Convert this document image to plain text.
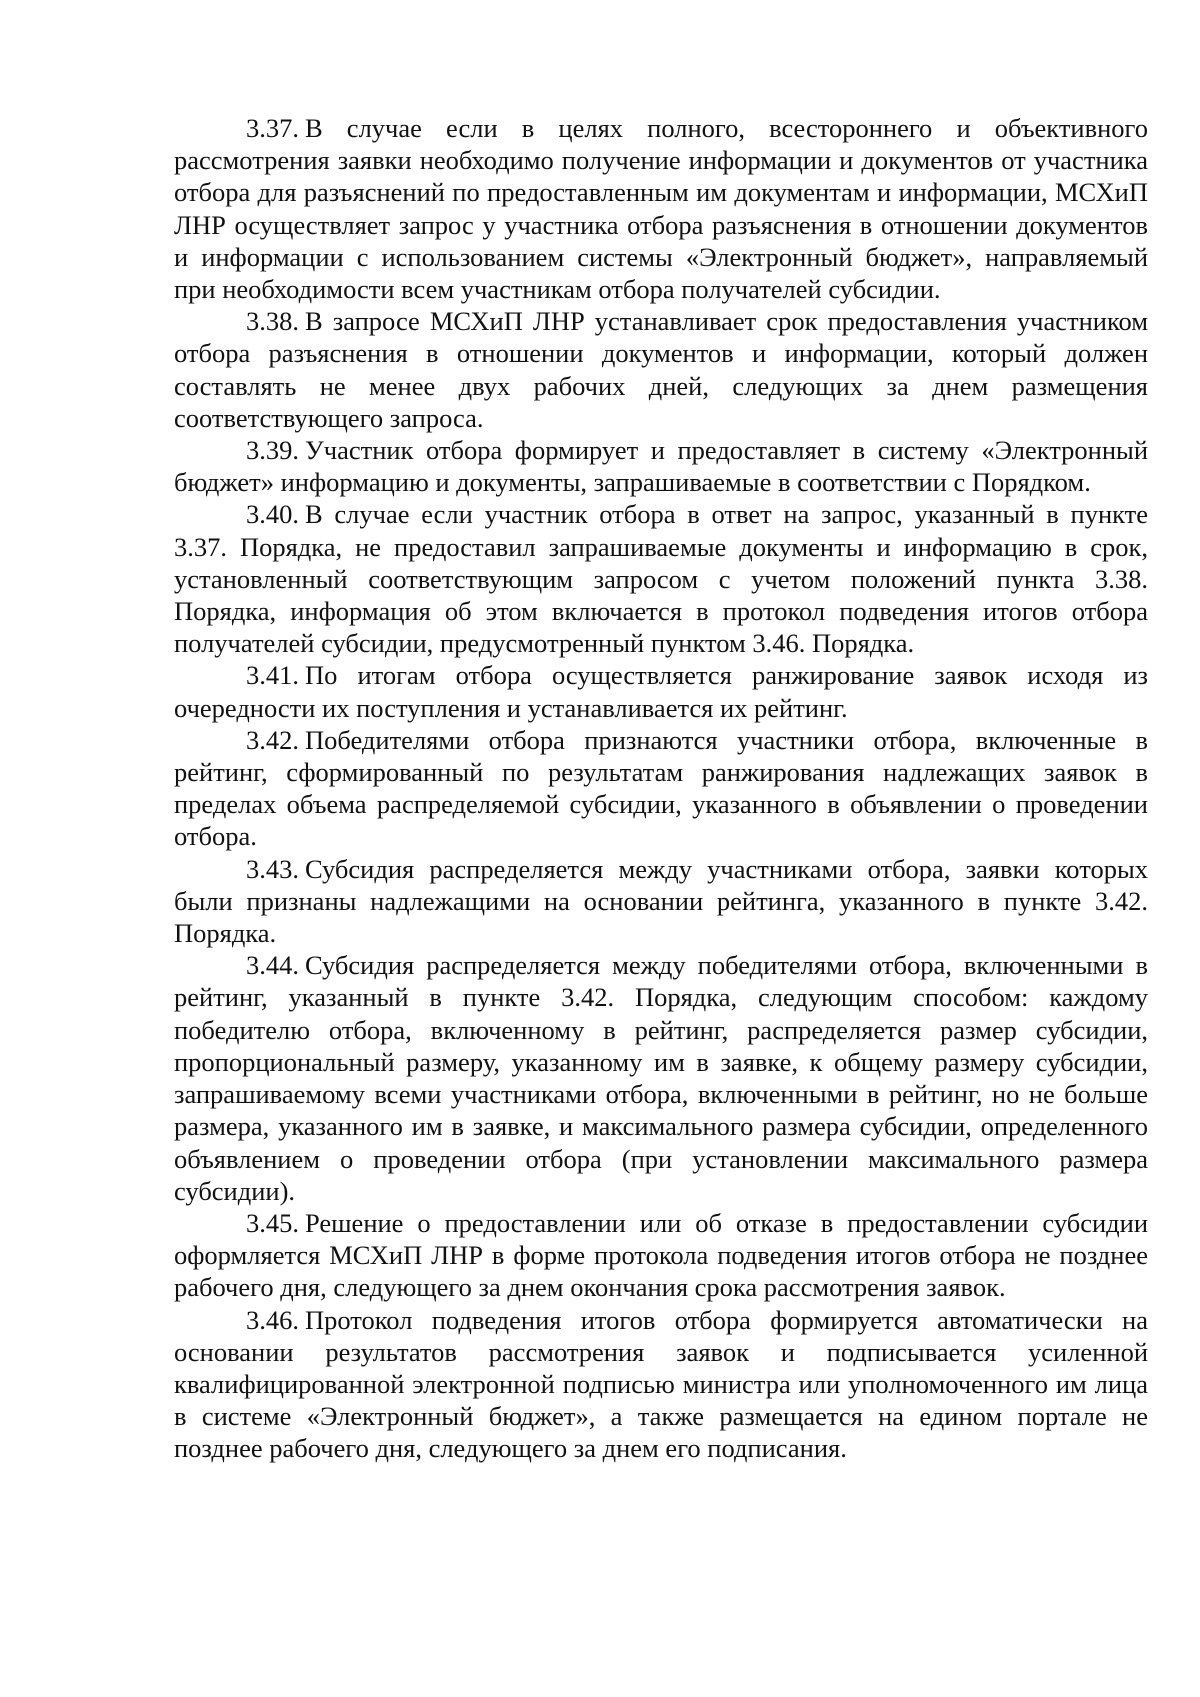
3.37. В случае если в целях полного, всестороннего и объективного рассмотрения заявки необходимо получение информации и документов от участника отбора для разъяснений по предоставленным им документам и информации, МСХиП ЛНР осуществляет запрос у участника отбора разъяснения в отношении документов и информации с использованием системы «Электронный бюджет», направляемый при необходимости всем участникам отбора получателей субсидии.

3.38. В запросе МСХиП ЛНР устанавливает срок предоставления участником отбора разъяснения в отношении документов и информации, который должен составлять не менее двух рабочих дней, следующих за днем размещения соответствующего запроса.

3.39. Участник отбора формирует и предоставляет в систему «Электронный бюджет» информацию и документы, запрашиваемые в соответствии с Порядком.

3.40. В случае если участник отбора в ответ на запрос, указанный в пункте 3.37. Порядка, не предоставил запрашиваемые документы и информацию в срок, установленный соответствующим запросом с учетом положений пункта 3.38. Порядка, информация об этом включается в протокол подведения итогов отбора получателей субсидии, предусмотренный пунктом 3.46. Порядка.

3.41. По итогам отбора осуществляется ранжирование заявок исходя из очередности их поступления и устанавливается их рейтинг.

3.42. Победителями отбора признаются участники отбора, включенные в рейтинг, сформированный по результатам ранжирования надлежащих заявок в пределах объема распределяемой субсидии, указанного в объявлении о проведении отбора.

3.43. Субсидия распределяется между участниками отбора, заявки которых были признаны надлежащими на основании рейтинга, указанного в пункте 3.42. Порядка.

3.44. Субсидия распределяется между победителями отбора, включенными в рейтинг, указанный в пункте 3.42. Порядка, следующим способом: каждому победителю отбора, включенному в рейтинг, распределяется размер субсидии, пропорциональный размеру, указанному им в заявке, к общему размеру субсидии, запрашиваемому всеми участниками отбора, включенными в рейтинг, но не больше размера, указанного им в заявке, и максимального размера субсидии, определенного объявлением о проведении отбора (при установлении максимального размера субсидии).

3.45. Решение о предоставлении или об отказе в предоставлении субсидии оформляется МСХиП ЛНР в форме протокола подведения итогов отбора не позднее рабочего дня, следующего за днем окончания срока рассмотрения заявок.

3.46. Протокол подведения итогов отбора формируется автоматически на основании результатов рассмотрения заявок и подписывается усиленной квалифицированной электронной подписью министра или уполномоченного им лица в системе «Электронный бюджет», а также размещается на едином портале не позднее рабочего дня, следующего за днем его подписания.
